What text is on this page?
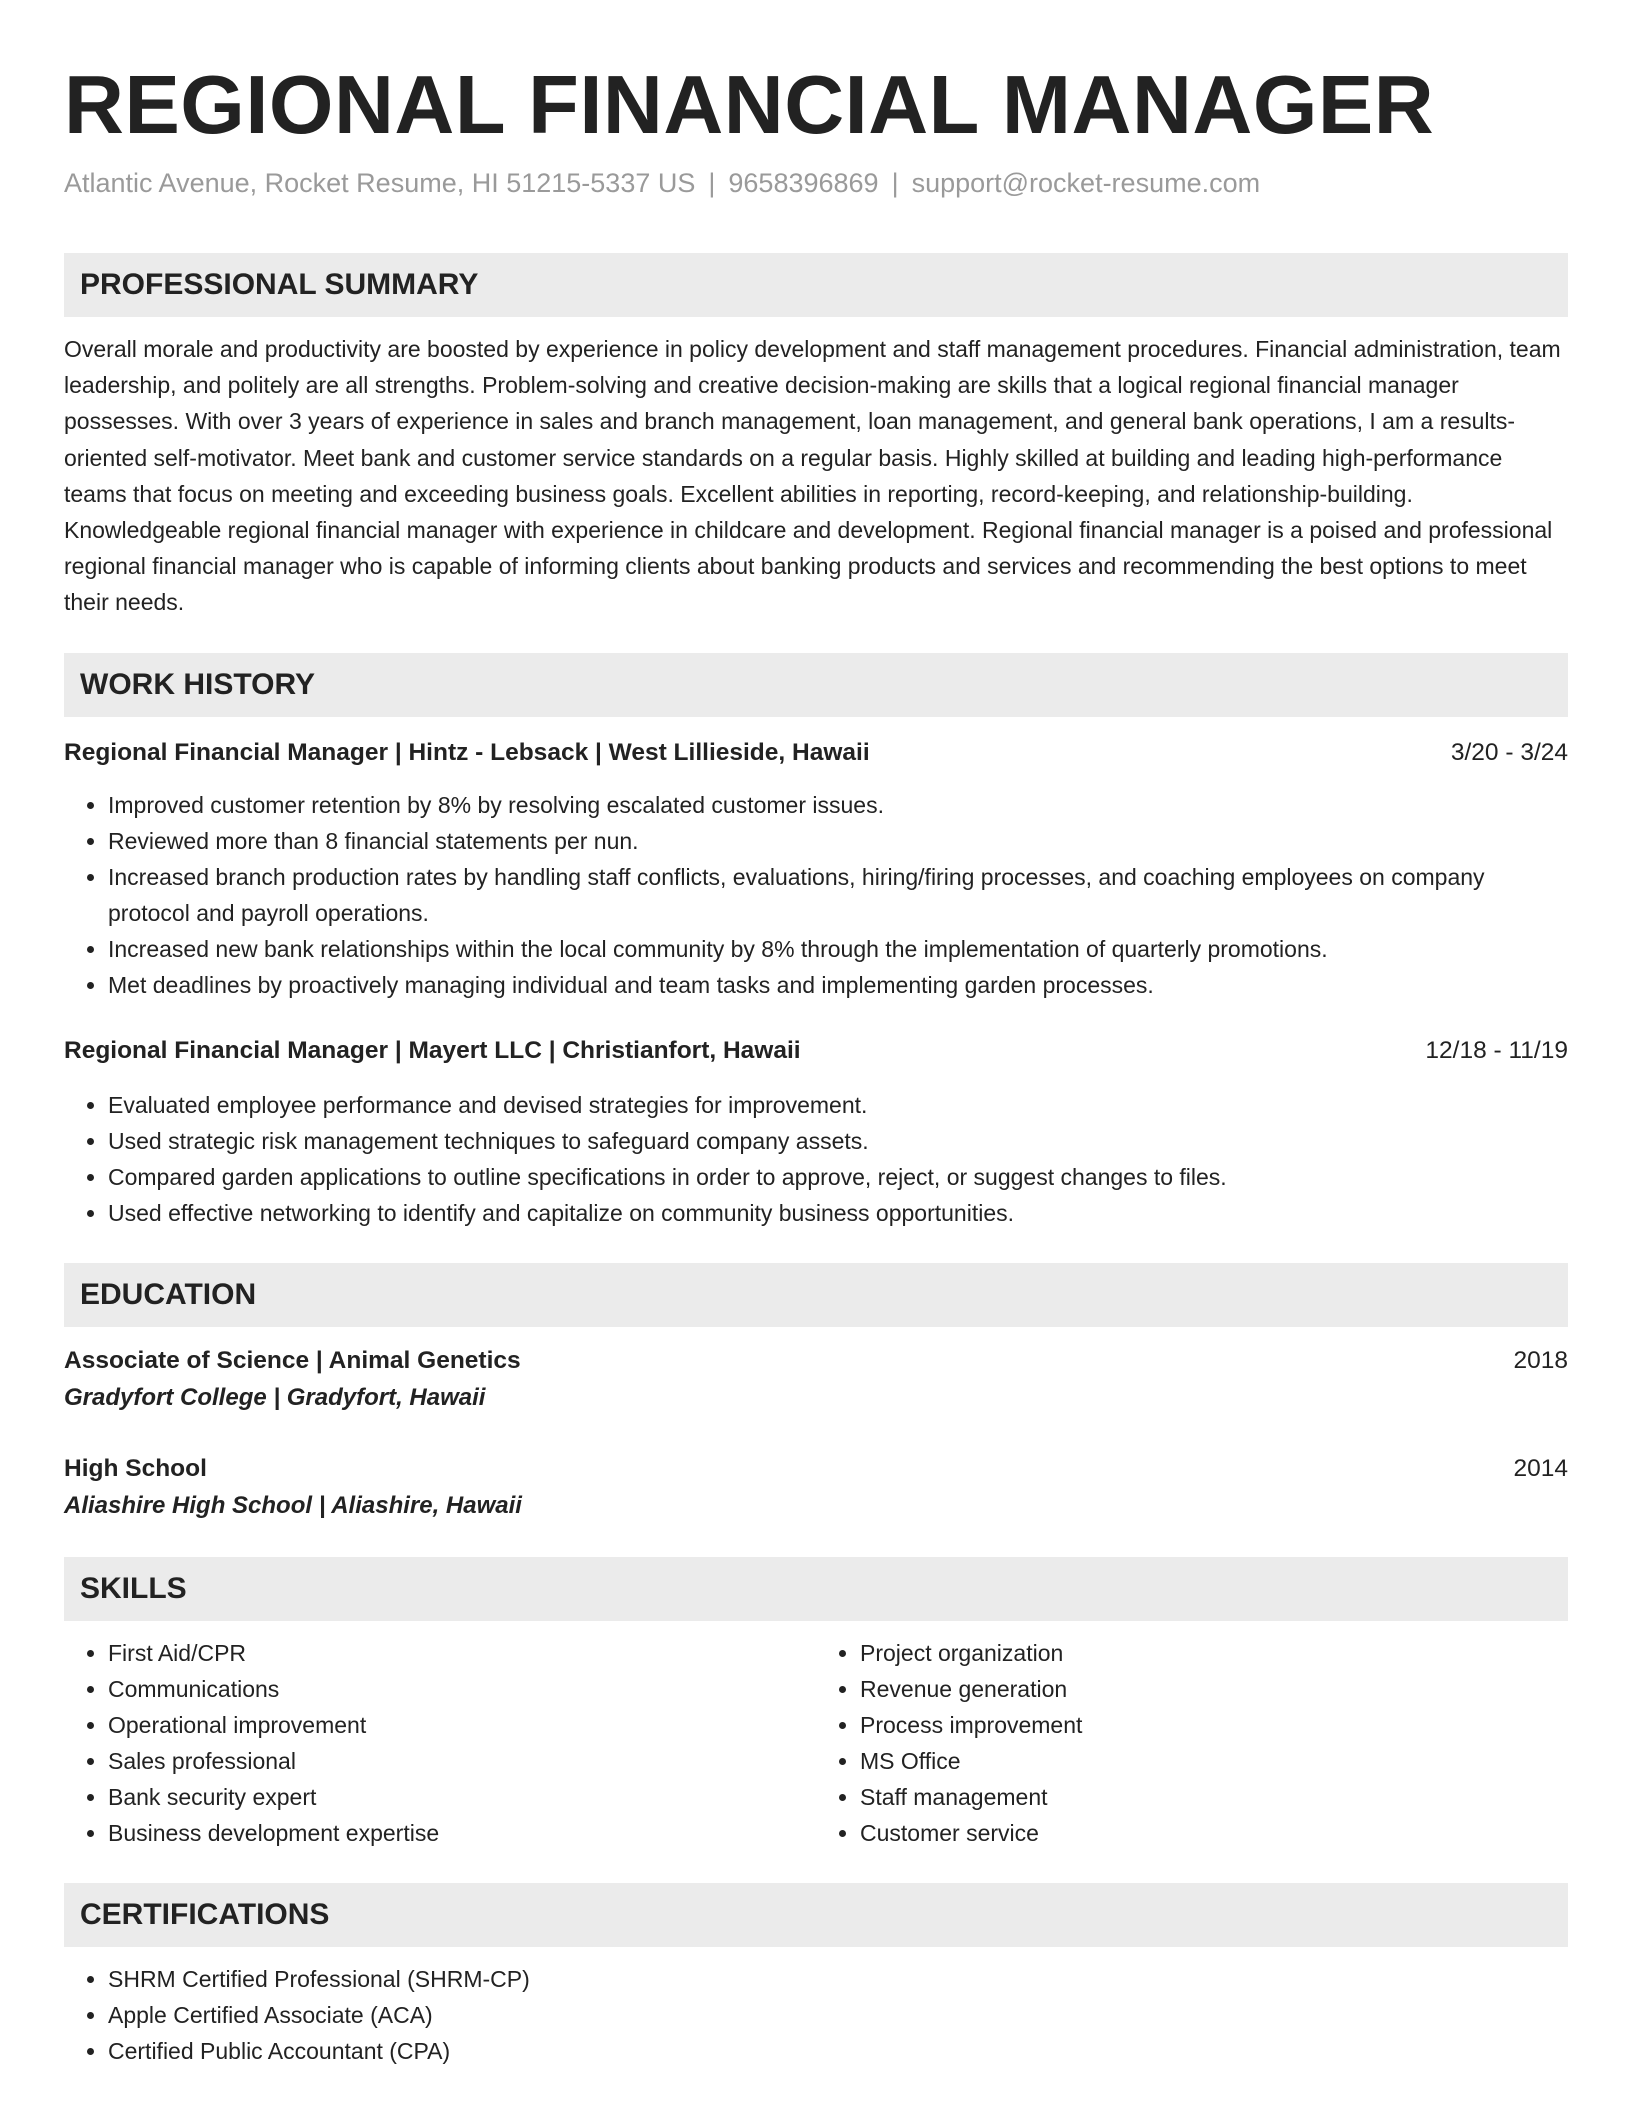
REGIONAL FINANCIAL MANAGER
Atlantic Avenue, Rocket Resume, HI 51215-5337 US | 9658396869 | support@rocket-resume.com
PROFESSIONAL SUMMARY

Overall morale and productivity are boosted by experience in policy development and staff management procedures. Financial administration, team leadership, and politely are all strengths. Problem-solving and creative decision-making are skills that a logical regional financial manager possesses. With over 3 years of experience in sales and branch management, loan management, and general bank operations, I am a results-oriented self-motivator. Meet bank and customer service standards on a regular basis. Highly skilled at building and leading high-performance teams that focus on meeting and exceeding business goals. Excellent abilities in reporting, record-keeping, and relationship-building. Knowledgeable regional financial manager with experience in childcare and development. Regional financial manager is a poised and professional regional financial manager who is capable of informing clients about banking products and services and recommending the best options to meet their needs.

WORK HISTORY
Regional Financial Manager | Hintz - Lebsack | West Lillieside, Hawaii	3/20 - 3/24
• Improved customer retention by 8% by resolving escalated customer issues.
• Reviewed more than 8 financial statements per nun.
• Increased branch production rates by handling staff conflicts, evaluations, hiring/firing processes, and coaching employees on company protocol and payroll operations.
• Increased new bank relationships within the local community by 8% through the implementation of quarterly promotions.
• Met deadlines by proactively managing individual and team tasks and implementing garden processes.
Regional Financial Manager | Mayert LLC | Christianfort, Hawaii	12/18 - 11/19
• Evaluated employee performance and devised strategies for improvement.
• Used strategic risk management techniques to safeguard company assets.
• Compared garden applications to outline specifications in order to approve, reject, or suggest changes to files.
• Used effective networking to identify and capitalize on community business opportunities.
EDUCATION
Associate of Science | Animal Genetics	2018
Gradyfort College | Gradyfort, Hawaii
High School	2014
Aliashire High School | Aliashire, Hawaii
SKILLS
• First Aid/CPR
• Communications
• Operational improvement
• Sales professional
• Bank security expert
• Business development expertise
• Project organization
• Revenue generation
• Process improvement
• MS Office
• Staff management
• Customer service
CERTIFICATIONS
• SHRM Certified Professional (SHRM-CP)
• Apple Certified Associate (ACA)
• Certified Public Accountant (CPA)
